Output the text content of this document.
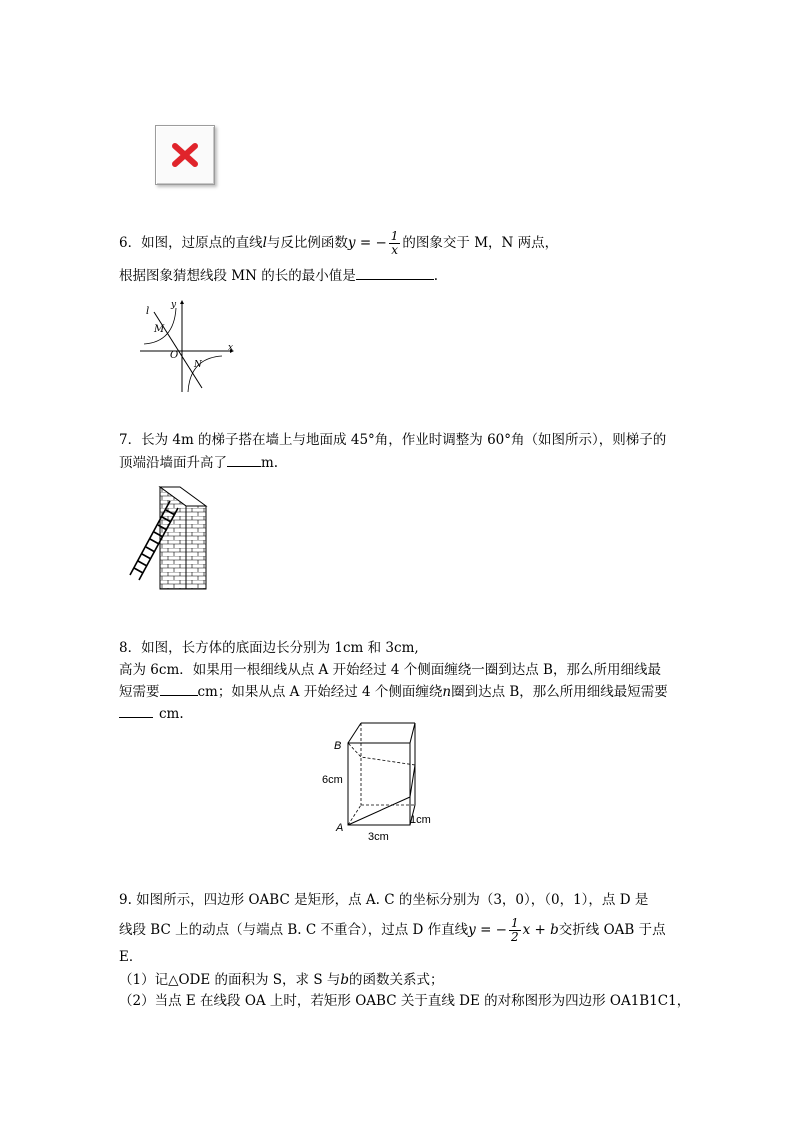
6．如图，过原点的直线l与反比例函数y = − $\frac{1}{x}$ 的图象交于 M，N 两点，
根据图象猜想线段 MN 的长的最小值是	.
l
y
x
M
O
N
7．长为 4m 的梯子搭在墙上与地面成 45°角，作业时调整为 60°角（如图所示），则梯子的
顶端沿墙面升高了	m.
8．如图，长方体的底面边长分别为 1cm 和 3cm,
高为 6cm．如果用一根细线从点 A 开始经过 4 个侧面缠绕一圈到达点 B，那么所用细线最
短需要	cm；如果从点 A 开始经过 4 个侧面缠绕n圈到达点 B，那么所用细线最短需要
cm.
B
A
6cm
1cm
3cm
9. 如图所示，四边形 OABC 是矩形，点 A. C 的坐标分别为（3，0），（0，1），点 D 是
线段 BC 上的动点（与端点 B. C 不重合），过点 D 作直线y = − $\frac{1}{2}$ x + b交折线 OAB 于点
E．
（1）记△ODE 的面积为 S，求 S 与b的函数关系式；
（2）当点 E 在线段 OA 上时，若矩形 OABC 关于直线 DE 的对称图形为四边形 OA1B1C1，
